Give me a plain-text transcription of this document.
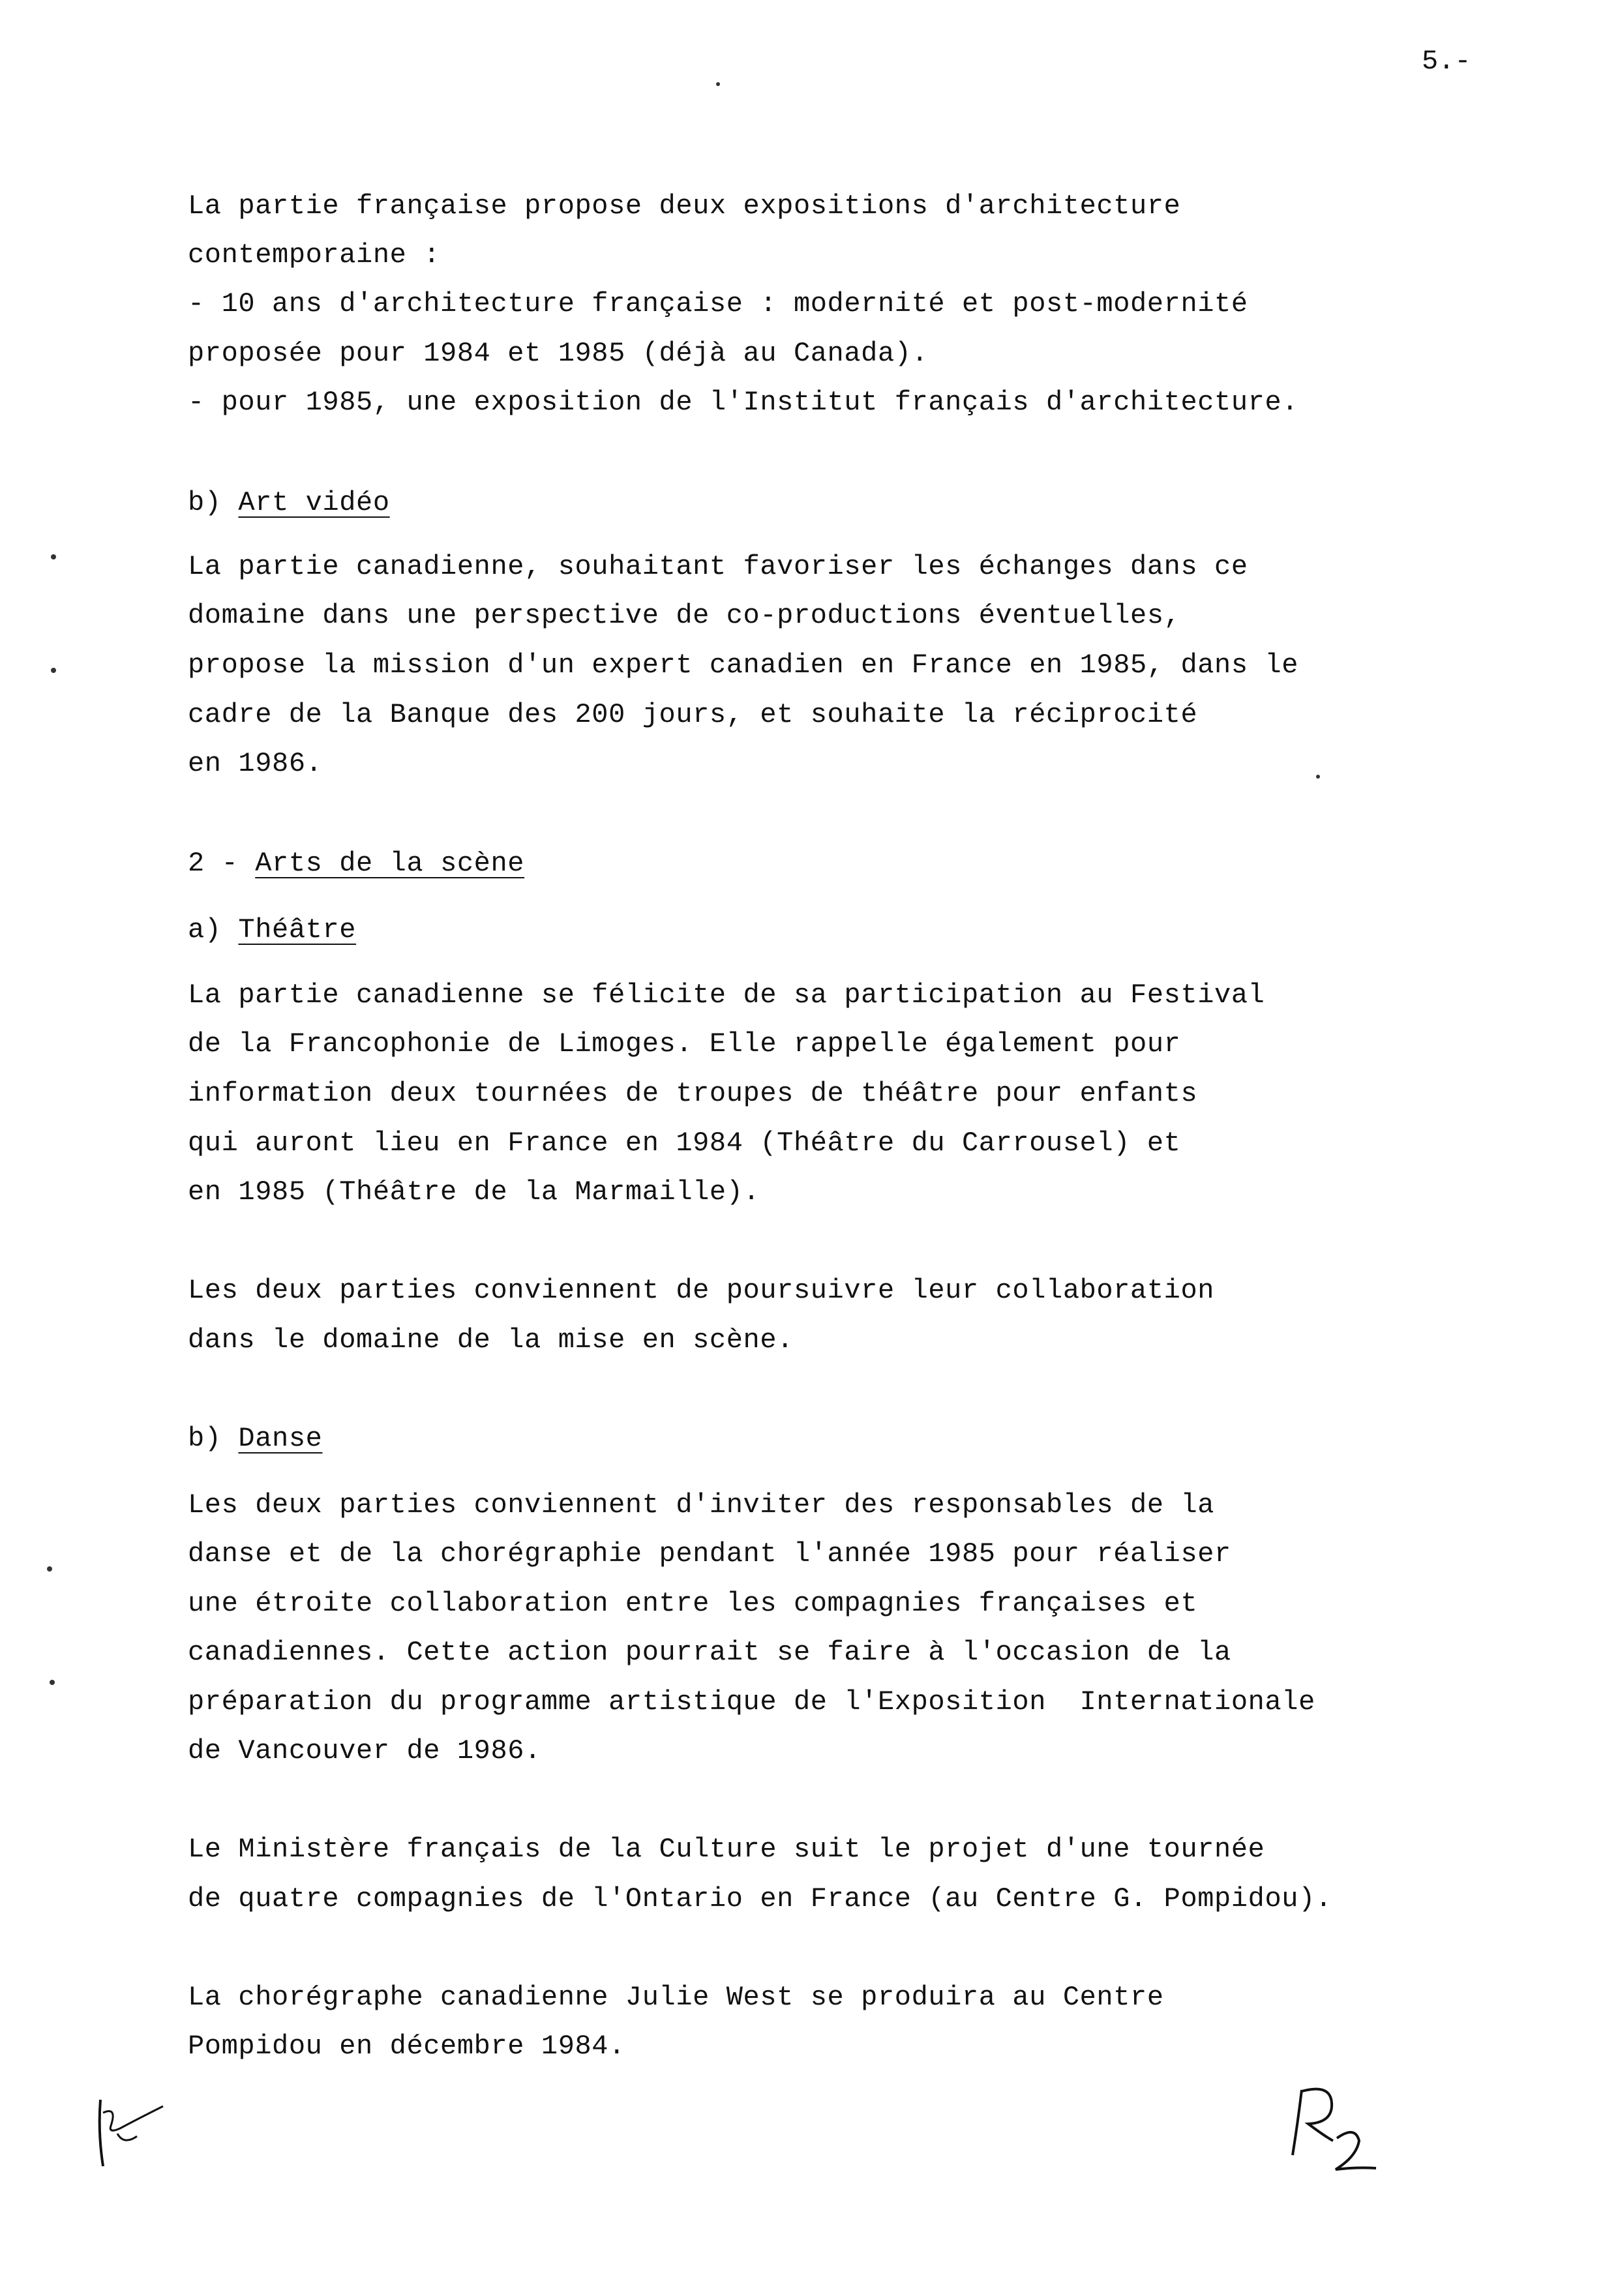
5.-
La partie française propose deux expositions d'architecture
contemporaine :
- 10 ans d'architecture française : modernité et post-modernité
proposée pour 1984 et 1985 (déjà au Canada).
- pour 1985, une exposition de l'Institut français d'architecture.
b) Art vidéo
La partie canadienne, souhaitant favoriser les échanges dans ce
domaine dans une perspective de co-productions éventuelles,
propose la mission d'un expert canadien en France en 1985, dans le
cadre de la Banque des 200 jours, et souhaite la réciprocité
en 1986.
2 - Arts de la scène
a) Théâtre
La partie canadienne se félicite de sa participation au Festival
de la Francophonie de Limoges. Elle rappelle également pour
information deux tournées de troupes de théâtre pour enfants
qui auront lieu en France en 1984 (Théâtre du Carrousel) et
en 1985 (Théâtre de la Marmaille).
Les deux parties conviennent de poursuivre leur collaboration
dans le domaine de la mise en scène.
b) Danse
Les deux parties conviennent d'inviter des responsables de la
danse et de la chorégraphie pendant l'année 1985 pour réaliser
une étroite collaboration entre les compagnies françaises et
canadiennes. Cette action pourrait se faire à l'occasion de la
préparation du programme artistique de l'Exposition  Internationale
de Vancouver de 1986.
Le Ministère français de la Culture suit le projet d'une tournée
de quatre compagnies de l'Ontario en France (au Centre G. Pompidou).
La chorégraphe canadienne Julie West se produira au Centre
Pompidou en décembre 1984.
